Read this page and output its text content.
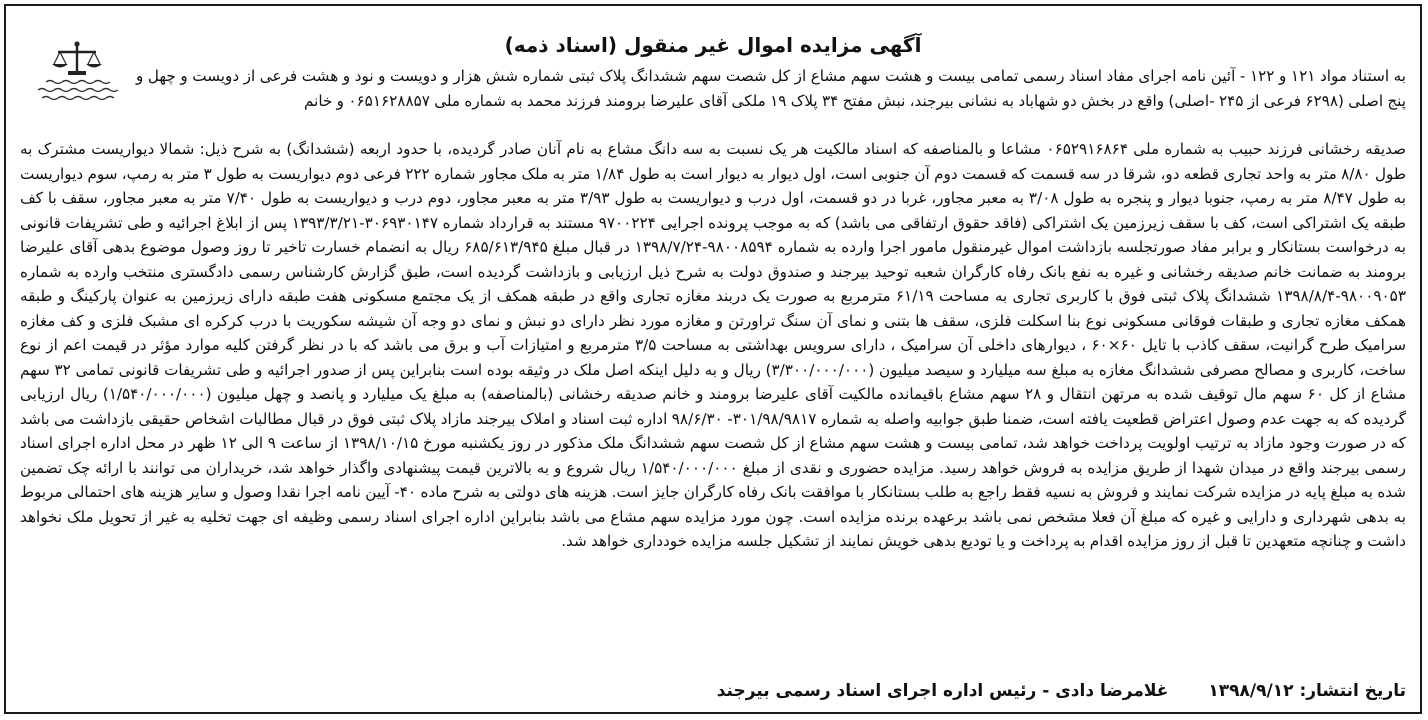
آگهی مزایده اموال غیر منقول (اسناد ذمه)

به استناد مواد ۱۲۱ و ۱۲۲ - آئین نامه اجرای مفاد اسناد رسمی تمامی بیست و هشت سهم مشاع از کل شصت سهم ششدانگ پلاک ثبتی شماره شش هزار و دویست و نود و هشت فرعی از دویست و چهل و پنج اصلی (۶۲۹۸ فرعی از ۲۴۵ -اصلی) واقع در بخش دو شهاباد به نشانی بیرجند، نبش مفتح ۳۴ پلاک ۱۹ ملکی آقای علیرضا برومند فرزند محمد به شماره ملی ۰۶۵۱۶۲۸۸۵۷ و خانم

صدیقه رخشانی فرزند حبیب به شماره ملی ۰۶۵۲۹۱۶۸۶۴ مشاعا و بالمناصفه که اسناد مالکیت هر یک نسبت به سه دانگ مشاع به نام آنان صادر گردیده، با حدود اربعه (ششدانگ) به شرح ذیل: شمالا دیواریست مشترک به طول ۸/۸۰ متر به واحد تجاری قطعه دو، شرقا در سه قسمت که قسمت دوم آن جنوبی است، اول دیوار به دیوار است به طول ۱/۸۴ متر به ملک مجاور شماره ۲۲۲ فرعی دوم دیواریست به طول ۳ متر به رمپ، سوم دیواریست به طول ۸/۴۷ متر به رمپ، جنوبا دیوار و پنجره به طول ۳/۰۸ به معبر مجاور، غربا در دو قسمت، اول درب و دیواریست به طول ۳/۹۳ متر به معبر مجاور، دوم درب و دیواریست به طول ۷/۴۰ متر به معبر مجاور، سقف با کف طبقه یک اشتراکی است، کف با سقف زیرزمین یک اشتراکی (فاقد حقوق ارتفاقی می باشد) که به موجب پرونده اجرایی ۹۷۰۰۲۲۴ مستند به قرارداد شماره ۳۰۶۹۳۰۱۴۷-۱۳۹۳/۳/۲۱ پس از ابلاغ اجرائیه و طی تشریفات قانونی به درخواست بستانکار و برابر مفاد صورتجلسه بازداشت اموال غیرمنقول مامور اجرا وارده به شماره ۹۸۰۰۸۵۹۴-۱۳۹۸/۷/۲۴ در قبال مبلغ ۶۸۵/۶۱۳/۹۴۵ ریال به انضمام خسارت تاخیر تا روز وصول موضوع بدهی آقای علیرضا برومند به ضمانت خانم صدیقه رخشانی و غیره به نفع بانک رفاه کارگران شعبه توحید بیرجند و صندوق دولت به شرح ذیل ارزیابی و بازداشت گردیده است، طبق گزارش کارشناس رسمی دادگستری منتخب وارده به شماره ۹۸۰۰۹۰۵۳-۱۳۹۸/۸/۴ ششدانگ پلاک ثبتی فوق با کاربری تجاری به مساحت ۶۱/۱۹ مترمربع به صورت یک دربند مغازه تجاری واقع در طبقه همکف از یک مجتمع مسکونی هفت طبقه دارای زیرزمین به عنوان پارکینگ و طبقه همکف مغازه تجاری و طبقات فوقانی مسکونی نوع بنا اسکلت فلزی، سقف ها بتنی و نمای آن سنگ تراورتن و مغازه مورد نظر دارای دو نبش و نمای دو وجه آن شیشه سکوریت با درب کرکره ای مشبک فلزی و کف مغازه سرامیک طرح گرانیت، سقف کاذب با تایل ۶۰×۶۰ ، دیوارهای داخلی آن سرامیک ، دارای سرویس بهداشتی به مساحت ۳/۵ مترمربع و امتیازات آب و برق می باشد که با در نظر گرفتن کلیه موارد مؤثر در قیمت اعم از نوع ساخت، کاربری و مصالح مصرفی ششدانگ مغازه به مبلغ سه میلیارد و سیصد میلیون (۳/۳۰۰/۰۰۰/۰۰۰) ریال و به دلیل اینکه اصل ملک در وثیقه بوده است بنابراین پس از صدور اجرائیه و طی تشریفات قانونی تمامی ۳۲ سهم مشاع از کل ۶۰ سهم مال توقیف شده به مرتهن انتقال و ۲۸ سهم مشاع باقیمانده مالکیت آقای علیرضا برومند و خانم صدیقه رخشانی (بالمناصفه) به مبلغ یک میلیارد و پانصد و چهل میلیون (۱/۵۴۰/۰۰۰/۰۰۰) ریال ارزیابی گردیده که به جهت عدم وصول اعتراض قطعیت یافته است، ضمنا طبق جوابیه واصله به شماره ۳۰۱/۹۸/۹۸۱۷- ۹۸/۶/۳۰ اداره ثبت اسناد و املاک بیرجند مازاد پلاک ثبتی فوق در قبال مطالبات اشخاص حقیقی بازداشت می باشد که در صورت وجود مازاد به ترتیب اولویت پرداخت خواهد شد، تمامی بیست و هشت سهم مشاع از کل شصت سهم ششدانگ ملک مذکور در روز یکشنبه مورخ ۱۳۹۸/۱۰/۱۵ از ساعت ۹ الی ۱۲ ظهر در محل اداره اجرای اسناد رسمی بیرجند واقع در میدان شهدا از طریق مزایده به فروش خواهد رسید. مزایده حضوری و نقدی از مبلغ ۱/۵۴۰/۰۰۰/۰۰۰ ریال شروع و به بالاترین قیمت پیشنهادی واگذار خواهد شد، خریداران می توانند با ارائه چک تضمین شده به مبلغ پایه در مزایده شرکت نمایند و فروش به نسیه فقط راجع به طلب بستانکار با موافقت بانک رفاه کارگران جایز است. هزینه های دولتی به شرح ماده ۴۰- آیین نامه اجرا نقدا وصول و سایر هزینه های احتمالی مربوط به بدهی شهرداری و دارایی و غیره که مبلغ آن فعلا مشخص نمی باشد برعهده برنده مزایده است. چون مورد مزایده سهم مشاع می باشد بنابراین اداره اجرای اسناد رسمی وظیفه ای جهت تخلیه به غیر از تحویل ملک نخواهد داشت و چنانچه متعهدین تا قبل از روز مزایده اقدام به پرداخت و یا تودیع بدهی خویش نمایند از تشکیل جلسه مزایده خودداری خواهد شد.

تاریخ انتشار:۱۳۹۸/۹/۱۲غلامرضا دادی - رئیس اداره اجرای اسناد رسمی بیرجند
